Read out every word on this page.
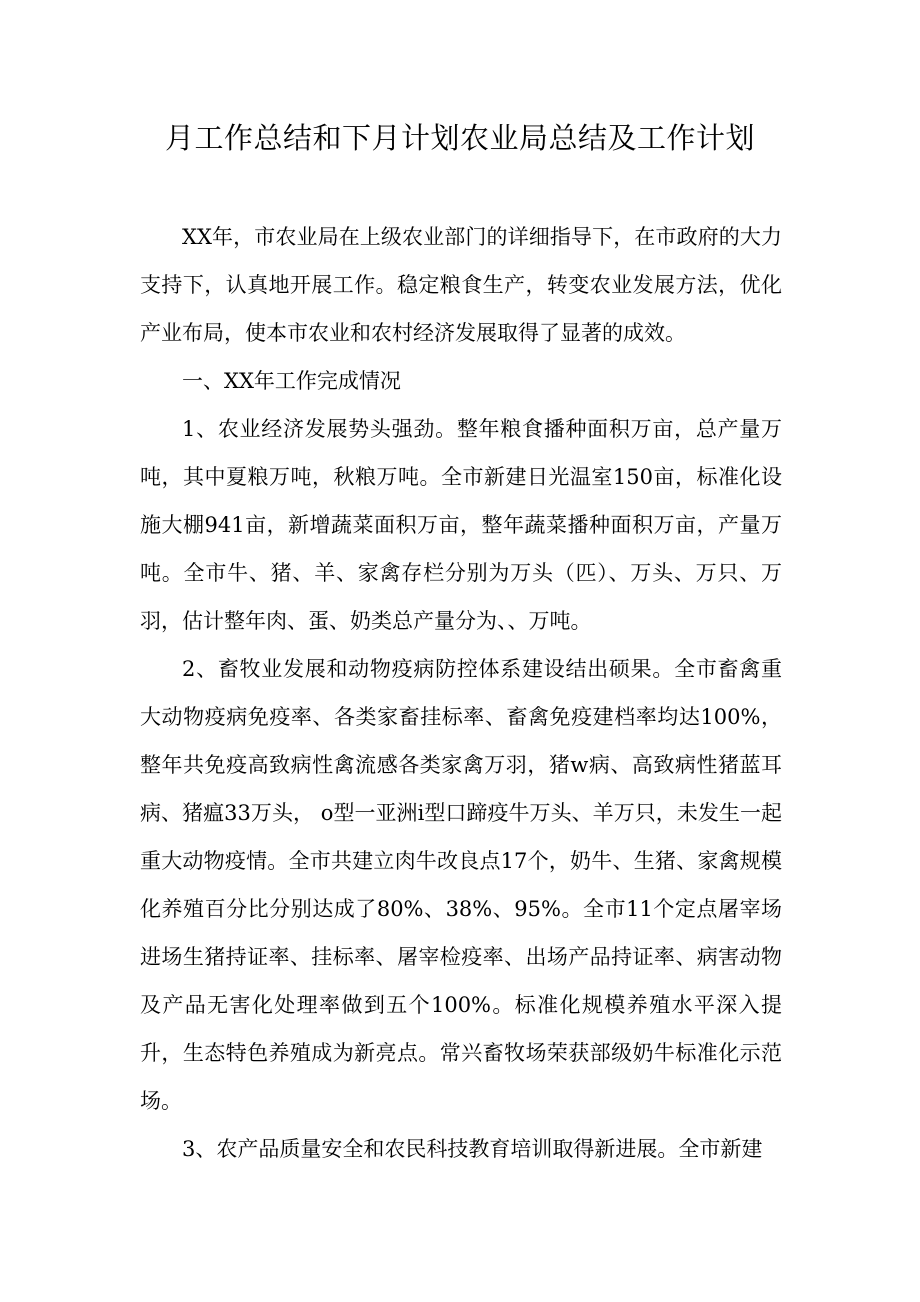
月工作总结和下月计划农业局总结及工作计划

XX年，市农业局在上级农业部门的详细指导下，在市政府的大力支持下，认真地开展工作。稳定粮食生产，转变农业发展方法，优化产业布局，使本市农业和农村经济发展取得了显著的成效。

一、XX年工作完成情况

1、农业经济发展势头强劲。整年粮食播种面积万亩，总产量万吨，其中夏粮万吨，秋粮万吨。全市新建日光温室150亩，标准化设施大棚941亩，新增蔬菜面积万亩，整年蔬菜播种面积万亩，产量万吨。全市牛、猪、羊、家禽存栏分别为万头（匹）、万头、万只、万羽，估计整年肉、蛋、奶类总产量分为、、万吨。

2、畜牧业发展和动物疫病防控体系建设结出硕果。全市畜禽重大动物疫病免疫率、各类家畜挂标率、畜禽免疫建档率均达100%，整年共免疫高致病性禽流感各类家禽万羽，猪w病、高致病性猪蓝耳病、猪瘟33万头， o型一亚洲i型口蹄疫牛万头、羊万只，未发生一起重大动物疫情。全市共建立肉牛改良点17个，奶牛、生猪、家禽规模化养殖百分比分别达成了80%、38%、95%。全市11个定点屠宰场进场生猪持证率、挂标率、屠宰检疫率、出场产品持证率、病害动物及产品无害化处理率做到五个100%。标准化规模养殖水平深入提升，生态特色养殖成为新亮点。常兴畜牧场荣获部级奶牛标准化示范场。

3、农产品质量安全和农民科技教育培训取得新进展。全市新建
